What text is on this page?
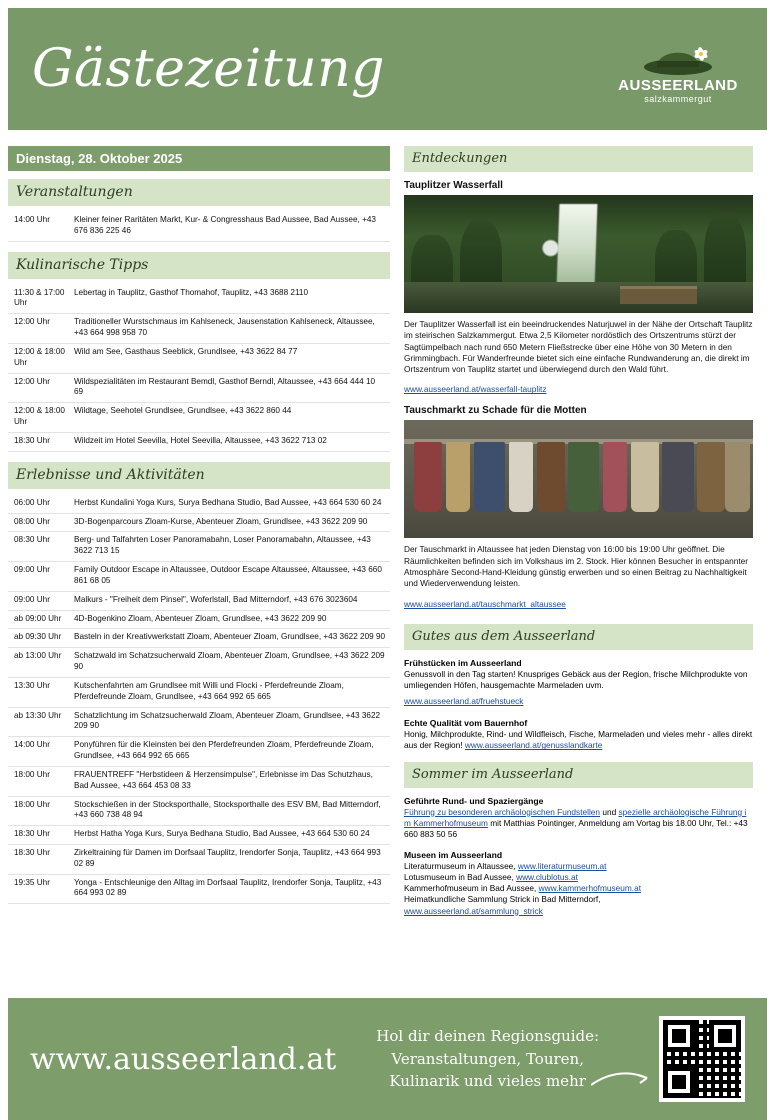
Gästezeitung	AUSSEERLAND
salzkammergut
Dienstag, 28. Oktober 2025
Veranstaltungen
14:00 Uhr	Kleiner feiner Raritäten Markt, Kur- & Congresshaus Bad Aussee, Bad Aussee, +43 676 836 225 46
Kulinarische Tipps
11:30 & 17:00 Uhr	Lebertag in Tauplitz, Gasthof Thomahof, Tauplitz, +43 3688 2110
12:00 Uhr	Traditioneller Wurstschmaus im Kahlseneck, Jausenstation Kahlseneck, Altaussee, +43 664 998 958 70
12:00 & 18:00 Uhr	Wild am See, Gasthaus Seeblick, Grundlsee, +43 3622 84 77
12:00 Uhr	Wildspezialitäten im Restaurant Bemdl, Gasthof Berndl, Altaussee, +43 664 444 10 69
12:00 & 18:00 Uhr	Wildtage, Seehotel Grundlsee, Grundlsee, +43 3622 860 44
18:30 Uhr	Wildzeit im Hotel Seevilla, Hotel Seevilla, Altaussee, +43 3622 713 02
Erlebnisse und Aktivitäten
06:00 Uhr	Herbst Kundalini Yoga Kurs, Surya Bedhana Studio, Bad Aussee, +43 664 530 60 24
08:00 Uhr	3D-Bogenparcours Zloam-Kurse, Abenteuer Zloam, Grundlsee, +43 3622 209 90
08:30 Uhr	Berg- und Talfahrten Loser Panoramabahn, Loser Panoramabahn, Altaussee, +43 3622 713 15
09:00 Uhr	Family Outdoor Escape in Altaussee, Outdoor Escape Altaussee, Altaussee, +43 660 861 68 05
09:00 Uhr	Malkurs - "Freiheit dem Pinsel", Woferlstall, Bad Mitterndorf, +43 676 3023604
ab 09:00 Uhr	4D-Bogenkino Zloam, Abenteuer Zloam, Grundlsee, +43 3622 209 90
ab 09:30 Uhr	Basteln in der Kreativwerkstatt Zloam, Abenteuer Zloam, Grundlsee, +43 3622 209 90
ab 13:00 Uhr	Schatzwald im Schatzsucherwald Zloam, Abenteuer Zloam, Grundlsee, +43 3622 209 90
13:30 Uhr	Kutschenfahrten am Grundlsee mit Willi und Flocki - Pferdefreunde Zloam, Pferdefreunde Zloam, Grundlsee, +43 664 992 65 665
ab 13:30 Uhr	Schatzlichtung im Schatzsucherwald Zloam, Abenteuer Zloam, Grundlsee, +43 3622 209 90
14:00 Uhr	Ponyführen für die Kleinsten bei den Pferdefreunden Zloam, Pferdefreunde Zloam, Grundlsee, +43 664 992 65 665
18:00 Uhr	FRAUENTREFF "Herbstideen & Herzensimpulse", Erlebnisse im Das Schutzhaus, Bad Aussee, +43 664 453 08 33
18:00 Uhr	Stockschießen in der Stocksporthalle, Stocksporthalle des ESV BM, Bad Mitterndorf, +43 660 738 48 94
18:30 Uhr	Herbst Hatha Yoga Kurs, Surya Bedhana Studio, Bad Aussee, +43 664 530 60 24
18:30 Uhr	Zirkeltraining für Damen im Dorfsaal Tauplitz, Irendorfer Sonja, Tauplitz, +43 664 993 02 89
19:35 Uhr	Yonga - Entschleunige den Alltag im Dorfsaal Tauplitz, Irendorfer Sonja, Tauplitz, +43 664 993 02 89
Entdeckungen
Tauplitzer Wasserfall

Der Tauplitzer Wasserfall ist ein beeindruckendes Naturjuwel in der Nähe der Ortschaft Tauplitz im steirischen Salzkammergut. Etwa 2,5 Kilometer nordöstlich des Ortszentrums stürzt der Sagtümpelbach nach rund 650 Metern Fließstrecke über eine Höhe von 30 Metern in den Grimmingbach. Für Wanderfreunde bietet sich eine einfache Rundwanderung an, die direkt im Ortszentrum von Tauplitz startet und überwiegend durch den Wald führt.

www.ausseerland.at/wasserfall-tauplitz
Tauschmarkt zu Schade für die Motten

Der Tauschmarkt in Altaussee hat jeden Dienstag von 16:00 bis 19:00 Uhr geöffnet. Die Räumlichkeiten befinden sich im Volkshaus im 2. Stock. Hier können Besucher in entspannter Atmosphäre Second-Hand-Kleidung günstig erwerben und so einen Beitrag zu Nachhaltigkeit und Wiederverwendung leisten.

www.ausseerland.at/tauschmarkt_altaussee
Gutes aus dem Ausseerland
Frühstücken im Ausseerland

Genussvoll in den Tag starten! Knuspriges Gebäck aus der Region, frische Milchprodukte von umliegenden Höfen, hausgemachte Marmeladen uvm.

www.ausseerland.at/fruehstueck
Echte Qualität vom Bauernhof

Honig, Milchprodukte, Rind- und Wildfleisch, Fische, Marmeladen und vieles mehr - alles direkt aus der Region! www.ausseerland.at/genusslandkarte

Sommer im Ausseerland
Geführte Rund- und Spaziergänge

Führung zu besonderen archäologischen Fundstellen und spezielle archäologische Führung im Kammerhofmuseum mit Matthias Pointinger, Anmeldung am Vortag bis 18.00 Uhr, Tel.: +43 660 883 50 56

Museen im Ausseerland

Literaturmuseum in Altaussee, www.literaturmuseum.at

Lotusmuseum in Bad Aussee, www.clublotus.at

Kammerhofmuseum in Bad Aussee, www.kammerhofmuseum.at

Heimatkundliche Sammlung Strick in Bad Mitterndorf,

www.ausseerland.at/sammlung_strick

www.ausseerland.at
Hol dir deinen Regionsguide:
Veranstaltungen, Touren,
Kulinarik und vieles mehr
